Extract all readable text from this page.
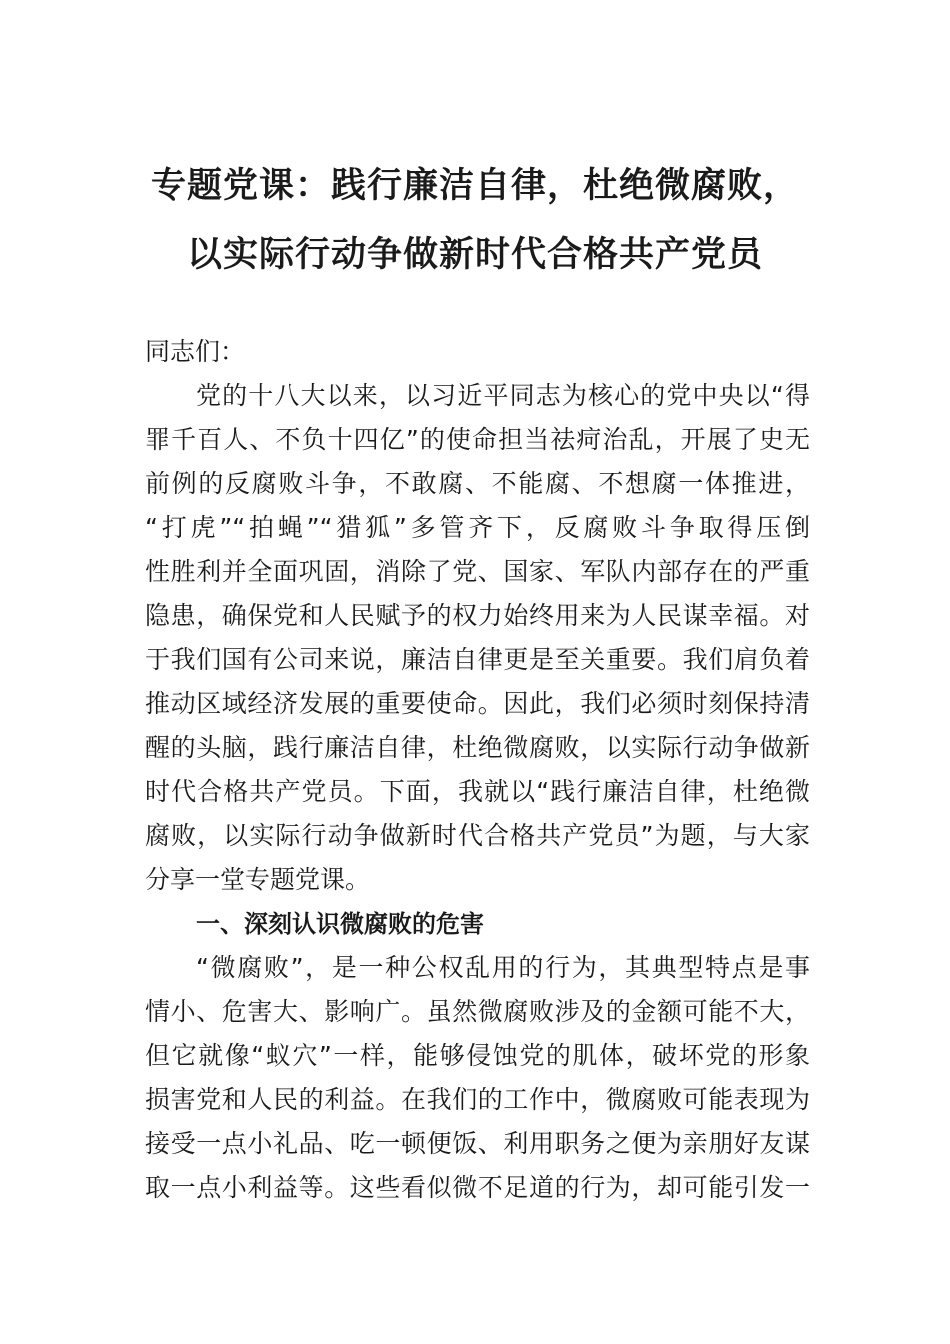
专题党课：践行廉洁自律，杜绝微腐败，
以实际行动争做新时代合格共产党员

同志们：

党的十八大以来，以习近平同志为核心的党中央以“得

罪千百人、不负十四亿”的使命担当祛疴治乱，开展了史无

前例的反腐败斗争，不敢腐、不能腐、不想腐一体推进，

“打虎”“拍蝇”“猎狐”多管齐下，反腐败斗争取得压倒

性胜利并全面巩固，消除了党、国家、军队内部存在的严重

隐患，确保党和人民赋予的权力始终用来为人民谋幸福。对

于我们国有公司来说，廉洁自律更是至关重要。我们肩负着

推动区域经济发展的重要使命。因此，我们必须时刻保持清

醒的头脑，践行廉洁自律，杜绝微腐败，以实际行动争做新

时代合格共产党员。下面，我就以“践行廉洁自律，杜绝微

腐败，以实际行动争做新时代合格共产党员”为题，与大家

分享一堂专题党课。

一、深刻认识微腐败的危害

“微腐败”，是一种公权乱用的行为，其典型特点是事

情小、危害大、影响广。虽然微腐败涉及的金额可能不大，

但它就像“蚁穴”一样，能够侵蚀党的肌体，破坏党的形象

损害党和人民的利益。在我们的工作中，微腐败可能表现为

接受一点小礼品、吃一顿便饭、利用职务之便为亲朋好友谋

取一点小利益等。这些看似微不足道的行为，却可能引发一
